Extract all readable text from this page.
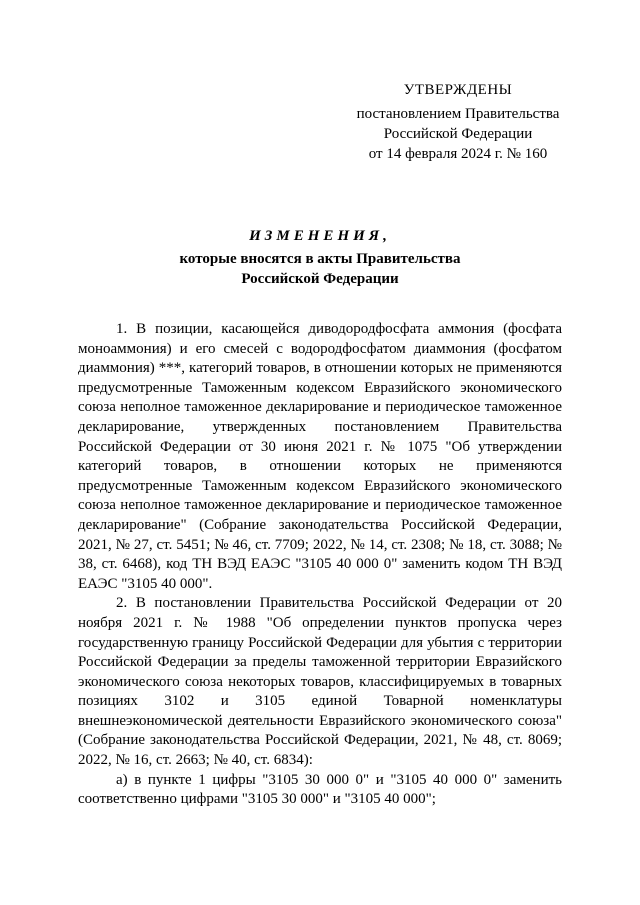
УТВЕРЖДЕНЫ
постановлением Правительства
Российской Федерации
от 14 февраля 2024 г. № 160
ИЗМЕНЕНИЯ,
которые вносятся в акты Правительства
Российской Федерации

1. В позиции, касающейся диводородфосфата аммония (фосфата моноаммония) и его смесей с водородфосфатом диаммония (фосфатом диаммония) ***, категорий товаров, в отношении которых не применяются предусмотренные Таможенным кодексом Евразийского экономического союза неполное таможенное декларирование и периодическое таможенное декларирование, утвержденных постановлением Правительства Российской Федерации от 30 июня 2021 г. № 1075 "Об утверждении категорий товаров, в отношении которых не применяются предусмотренные Таможенным кодексом Евразийского экономического союза неполное таможенное декларирование и периодическое таможенное декларирование" (Собрание законодательства Российской Федерации, 2021, № 27, ст. 5451; № 46, ст. 7709; 2022, № 14, ст. 2308; № 18, ст. 3088; № 38, ст. 6468), код ТН ВЭД ЕАЭС "3105 40 000 0" заменить кодом ТН ВЭД ЕАЭС "3105 40 000".

2. В постановлении Правительства Российской Федерации от 20 ноября 2021 г. № 1988 "Об определении пунктов пропуска через государственную границу Российской Федерации для убытия с территории Российской Федерации за пределы таможенной территории Евразийского экономического союза некоторых товаров, классифицируемых в товарных позициях 3102 и 3105 единой Товарной номенклатуры внешнеэкономической деятельности Евразийского экономического союза" (Собрание законодательства Российской Федерации, 2021, № 48, ст. 8069; 2022, № 16, ст. 2663; № 40, ст. 6834):

а) в пункте 1 цифры "3105 30 000 0" и "3105 40 000 0" заменить соответственно цифрами "3105 30 000" и "3105 40 000";
